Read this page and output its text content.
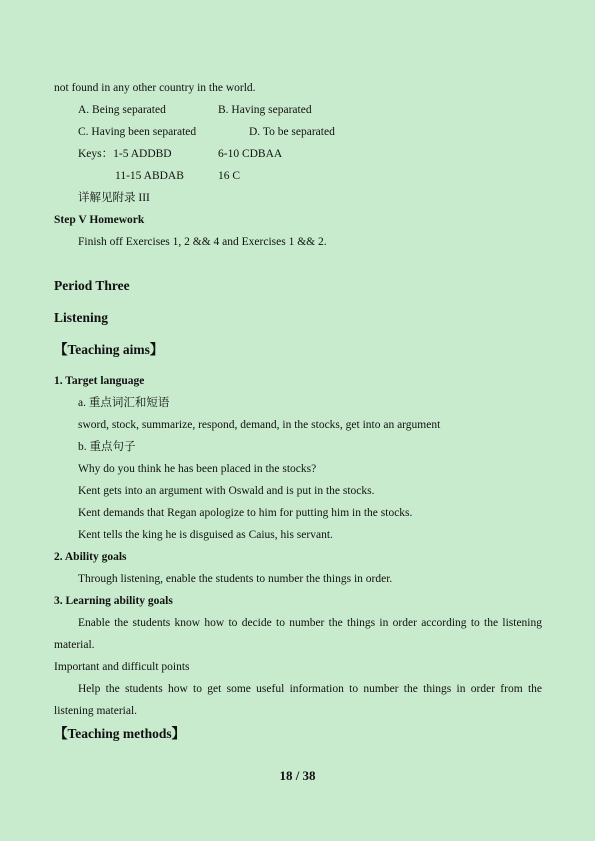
not found in any other country in the world.
A. Being separated	B. Having separated
C. Having been separated	D. To be separated
Keys：1-5 ADDBD	6-10 CDBAA
11-15 ABDAB	16 C
详解见附录 III
Step V Homework
Finish off Exercises 1, 2 && 4 and Exercises 1 && 2.
Period Three
Listening
【Teaching aims】
1. Target language
a. 重点词汇和短语
sword, stock, summarize, respond, demand, in the stocks, get into an argument
b. 重点句子
Why do you think he has been placed in the stocks?
Kent gets into an argument with Oswald and is put in the stocks.
Kent demands that Regan apologize to him for putting him in the stocks.
Kent tells the king he is disguised as Caius, his servant.
2. Ability goals
Through listening, enable the students to number the things in order.
3. Learning ability goals
Enable the students know how to decide to number the things in order according to the listening
material.
Important and difficult points
Help the students how to get some useful information to number the things in order from the
listening material.
【Teaching methods】
18 / 38
